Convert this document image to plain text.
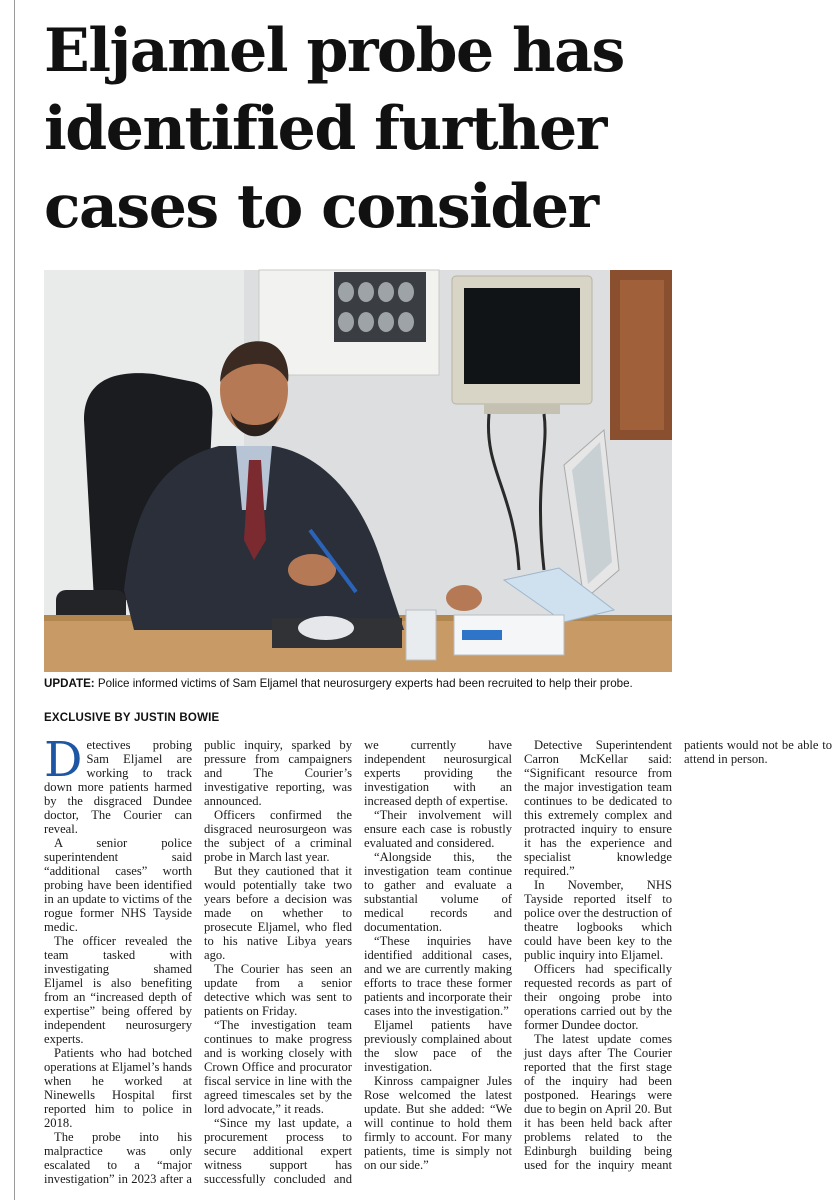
Eljamel probe has identified further cases to consider
UPDATE: Police informed victims of Sam Eljamel that neurosurgery experts had been recruited to help their probe.
EXCLUSIVE BY JUSTIN BOWIE

Detectives probing Sam Eljamel are working to track down more patients harmed by the disgraced Dundee doctor, The Courier can reveal.

A senior police superintendent said “additional cases” worth probing have been identified in an update to victims of the rogue former NHS Tayside medic.

The officer revealed the team tasked with investigating shamed Eljamel is also benefiting from an “increased depth of expertise” being offered by independent neurosurgery experts.

Patients who had botched operations at Eljamel’s hands when he worked at Ninewells Hospital first reported him to police in 2018.

The probe into his malpractice was only escalated to a “major investigation” in 2023 after a public inquiry, sparked by pressure from campaigners and The Courier’s investigative reporting, was announced.

Officers confirmed the disgraced neurosurgeon was the subject of a criminal probe in March last year.

But they cautioned that it would potentially take two years before a decision was made on whether to prosecute Eljamel, who fled to his native Libya years ago.

The Courier has seen an update from a senior detective which was sent to patients on Friday.

“The investigation team continues to make progress and is working closely with Crown Office and procurator fiscal service in line with the agreed timescales set by the lord advocate,” it reads.

“Since my last update, a procurement process to secure additional expert witness support has successfully concluded and we currently have independent neurosurgical experts providing the investigation with an increased depth of expertise.

“Their involvement will ensure each case is robustly evaluated and considered.

“Alongside this, the investigation team continue to gather and evaluate a substantial volume of medical records and documentation.

“These inquiries have identified additional cases, and we are currently making efforts to trace these former patients and incorporate their cases into the investigation.”

Eljamel patients have previously complained about the slow pace of the investigation.

Kinross campaigner Jules Rose welcomed the latest update. But she added: “We will continue to hold them firmly to account. For many patients, time is simply not on our side.”

Detective Superintendent Carron McKellar said: “Significant resource from the major investigation team continues to be dedicated to this extremely complex and protracted inquiry to ensure it has the experience and specialist knowledge required.”

In November, NHS Tayside reported itself to police over the destruction of theatre logbooks which could have been key to the public inquiry into Eljamel.

Officers had specifically requested records as part of their ongoing probe into operations carried out by the former Dundee doctor.

The latest update comes just days after The Courier reported that the first stage of the inquiry had been postponed. Hearings were due to begin on April 20. But it has been held back after problems related to the Edinburgh building being used for the inquiry meant patients would not be able to attend in person.
